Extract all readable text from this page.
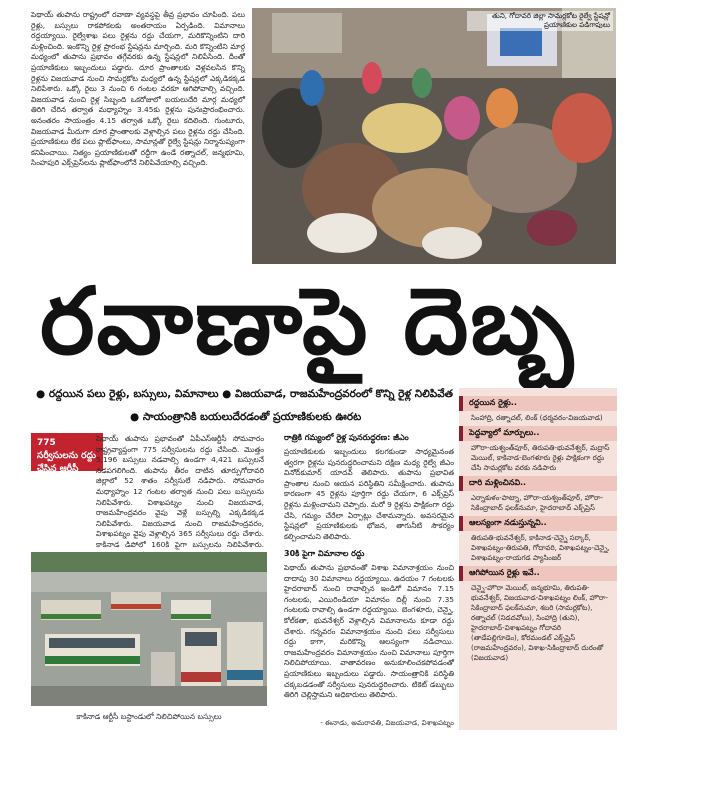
పెథాయ్ తుపాను రాష్ట్రంలో రవాణా వ్యవస్థపై తీవ్ర ప్రభావం చూపింది. పలు రైళ్లు, బస్సులు రాకపోకలకు అంతరాయం ఏర్పడింది. విమానాలు రద్దయ్యాయి. రైల్వేశాఖ పలు రైళ్లను రద్దు చేయగా, మరికొన్నింటిని దారి మళ్లించింది. ఇంకొన్ని రైళ్ల ప్రారంభ స్టేషన్లను మార్చింది. మరి కొన్నింటిని మార్గ మధ్యంలో తుపాను ప్రభావం తగ్గేవరకు ఉన్న స్టేషన్లలో నిలిపేసింది. దీంతో ప్రయాణికులు ఇబ్బందులు పడ్డారు. దూర ప్రాంతాలకు వెళ్లవలసిన కొన్ని రైళ్లను విజయవాడ నుంచి సామర్లకోట మధ్యలో ఉన్న స్టేషన్లలో ఎక్కడికక్కడ నిలిపేశారు. ఒక్కో రైలు 3 నుంచి 6 గంటల వరకూ ఆగిపోవాల్సి వచ్చింది. విజయవాడ నుంచి రైళ్ల సిబ్బంది ఒకరోజులో బయలుదేరి మార్గ మధ్యలో తిరిగి చేరిన తర్వాత మధ్యాహ్నం 3.45కు రైళ్లను పునఃప్రారంభించారు. అనంతరం సాయంత్రం 4.15 తర్వాత ఒక్కో రైలు కదిలింది. గుంటూరు, విజయవాడ మీదుగా దూర ప్రాంతాలకు వెళ్లాల్సిన పలు రైళ్లను రద్దు చేసింది. ప్రయాణికులు లేక పలు ప్లాట్‌ఫాంలు, సామాన్లతో రైల్వే స్టేషన్లు నిర్మానుష్యంగా కనిపించాయి. నిత్యం ప్రయాణికులతో రద్దీగా ఉండే రత్నాచల్, జన్మభూమి, సింహపురి ఎక్స్‌ప్రెస్‌లను ప్లాట్‌ఫాంలోనే నిలిపివేయాల్సి వచ్చింది.
తుని, గోదావరి జిల్లా సామర్లకోట రైల్వే స్టేషన్లో ప్రయాణికుల పడిగాపులు
రవాణాపై దెబ్బ
● రద్దయిన పలు రైళ్లు, బస్సులు, విమానాలు ● విజయవాడ, రాజమహేంద్రవరంలో కొన్ని రైళ్ల నిలిపివేత
● సాయంత్రానికి బయలుదేరడంతో ప్రయాణికులకు ఊరట
775 సర్వీసులను రద్దు చేసిన ఆర్టీసీ
పెథాయ్ తుపాను ప్రభావంతో ఏపీఎస్ఆర్టీసీ సోమవారం రాష్ట్రవ్యాప్తంగా 775 సర్వీసులను రద్దు చేసింది. మొత్తం 5,196 బస్సులు నడవాల్సి ఉండగా 4,421 బస్సులనే నడపగలిగింది. తుపాను తీరం దాటిన తూర్పుగోదావరి జిల్లాలో 52 శాతం సర్వీసులే నడిపారు. సోమవారం మధ్యాహ్నం 12 గంటల తర్వాత నుంచి పలు బస్సులను నిలిపివేశారు. విశాఖపట్నం నుంచి విజయవాడ, రాజమహేంద్రవరం వైపు వెళ్లే బస్సుల్ని ఎక్కడికక్కడ నిలిపివేశారు. విజయవాడ నుంచి రాజమహేంద్రవరం, విశాఖపట్నం వైపు వెళ్లాల్సిన 365 సర్వీసులు రద్దు చేశారు. కాకినాడ డిపోలో 160కి పైగా బస్సులను నిలిపివేశారు.
కాకినాడ ఆర్టీసీ బస్టాండులో నిలిచిపోయిన బస్సులు
రాత్రికి గమ్యంలో రైళ్ల పునరుద్ధరణ: జీఎం
ప్రయాణికులకు ఇబ్బందులు కలగకుండా సాధ్యమైనంత త్వరగా రైళ్లను పునరుద్ధరించామని దక్షిణ మధ్య రైల్వే జీఎం వినోద్‌కుమార్ యాదవ్ తెలిపారు. తుపాను ప్రభావిత ప్రాంతాల నుంచి ఆయన పరిస్థితిని సమీక్షించారు. తుపాను కారణంగా 45 రైళ్లను పూర్తిగా రద్దు చేయగా, 6 ఎక్స్‌ప్రెస్ రైళ్లను మళ్లించామని చెప్పారు. మరో 9 రైళ్లను పాక్షికంగా రద్దు చేసి, గమ్యం చేరేలా ఏర్పాట్లు చేశామన్నారు. అవసరమైన స్టేషన్లలో ప్రయాణికులకు భోజన, తాగునీటి సౌకర్యం కల్పించామని తెలిపారు.
30కి పైగా విమానాల రద్దు
పెథాయ్ తుపాను ప్రభావంతో విశాఖ విమానాశ్రయం నుంచి దాదాపు 30 విమానాలు రద్దయ్యాయి. ఉదయం 7 గంటలకు హైదరాబాద్ నుంచి రావాల్సిన ఇండిగో విమానం 7.15 గంటలకు, ఎయిరిండియా విమానం దిల్లీ నుంచి 7.35 గంటలకు రావాల్సి ఉండగా రద్దయ్యాయి. బెంగళూరు, చెన్నై, కోల్‌కతా, భువనేశ్వర్ వెళ్లాల్సిన విమానాలను కూడా రద్దు చేశారు. గన్నవరం విమానాశ్రయం నుంచి పలు సర్వీసులు రద్దు కాగా, మరికొన్ని ఆలస్యంగా నడిచాయి. రాజమహేంద్రవరం విమానాశ్రయం నుంచి విమానాలు పూర్తిగా నిలిచిపోయాయి. వాతావరణం అనుకూలించకపోవడంతో ప్రయాణికులు ఇబ్బందులు పడ్డారు. సాయంత్రానికి పరిస్థితి చక్కబడడంతో సర్వీసులు పునరుద్ధరించారు. టికెట్ డబ్బులు తిరిగి చెల్లిస్తామని అధికారులు తెలిపారు.
- ఈనాడు, అమరావతి, విజయవాడ, విశాఖపట్నం
రద్దయిన రైళ్లు..
సింహాద్రి, రత్నాచల్, లింక్ (ధర్మవరం-విజయవాడ)
పెద్దవ్యాలో మార్పులు..
హౌరా-యశ్వంత్‌పూర్, తిరుపతి-భువనేశ్వర్, మద్రాస్ మెయిల్, కాకినాడ-బెంగళూరు రైళ్లు పాక్షికంగా రద్దు చేసి సామర్లకోట వరకు నడిపారు
దారి మళ్లించినవి..
ఎర్నాకుళం-పాట్నా, హౌరా-యశ్వంత్‌పూర్, హౌరా-సికింద్రాబాద్ ఫలక్‌నుమా, హైదరాబాద్ ఎక్స్‌ప్రెస్
ఆలస్యంగా నడుస్తున్నవి..
తిరుపతి-భువనేశ్వర్, కాకినాడ-చెన్నై సర్కార్, విశాఖపట్నం-తిరుపతి, గోదావరి, విశాఖపట్నం-చెన్నై, విశాఖపట్నం-రాయగడ ప్యాసింజర్
ఆగిపోయిన రైళ్లు ఇవే..
చెన్నై-హౌరా మెయిల్, జన్మభూమి, తిరుపతి-భువనేశ్వర్, విజయవాడ-విశాఖపట్నం లింక్, హౌరా-సికింద్రాబాద్ ఫలక్‌నుమా, శబరి (సామర్లకోట), రత్నాచల్ (నిడదవోలు), సింహాద్రి (తుని), హైదరాబాద్-విశాఖపట్నం గోదావరి (తాడేపల్లిగూడెం), కోరమండల్ ఎక్స్‌ప్రెస్ (రాజమహేంద్రవరం), విశాఖ-సికింద్రాబాద్ దురంతో (విజయవాడ)
